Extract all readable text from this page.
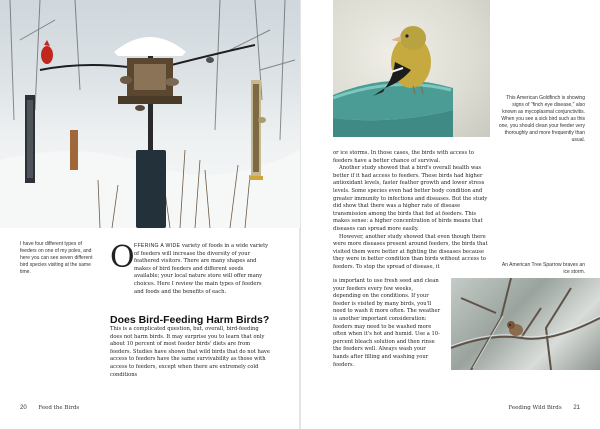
I have four different types of feeders on one of my poles, and here you can see seven different bird species visiting at the same time.	O FFERING A WIDE variety of foods in a wide variety of feeders will increase the diversity of your feathered visitors. There are many shapes and makes of bird feeders and different seeds available; your local nature store will offer many choices. Here I review the main types of feeders and foods and the benefits of each.

Does Bird-Feeding Harm Birds?

This is a complicated question, but, overall, bird-feeding does not harm birds. It may surprise you to learn that only about 10 percent of most feeder birds' diets are from feeders. Studies have shown that wild birds that do not have access to feeders have the same survivability as those with access to feeders, except when there are extremely cold conditions

20 Feed the Birds
This American Goldfinch is showing signs of "finch eye disease," also known as mycoplasmal conjunctivitis. When you see a sick bird such as this one, you should clean your feeder very thoroughly and more frequently than usual.

or ice storms. In those cases, the birds with access to feeders have a better chance of survival.

Another study showed that a bird's overall health was better if it had access to feeders. These birds had higher antioxidant levels, faster feather growth and lower stress levels. Some species even had better body condition and greater immunity to infections and diseases. But the study did show that there was a higher rate of disease transmission among the birds that fed at feeders. This makes sense: a higher concentration of birds means that diseases can spread more easily.

However, another study showed that even though there were more diseases present around feeders, the birds that visited them were better at fighting the diseases because they were in better condition than birds without access to feeders. To stop the spread of disease, it

is important to use fresh seed and clean your feeders every few weeks, depending on the conditions. If your feeder is visited by many birds, you'll need to wash it more often. The weather is another important consideration: feeders may need to be washed more often when it's hot and humid. Use a 10-percent bleach solution and then rinse the feeders well. Always wash your hands after filling and washing your feeders.

An American Tree Sparrow braves an ice storm.
Feeding Wild Birds 21
